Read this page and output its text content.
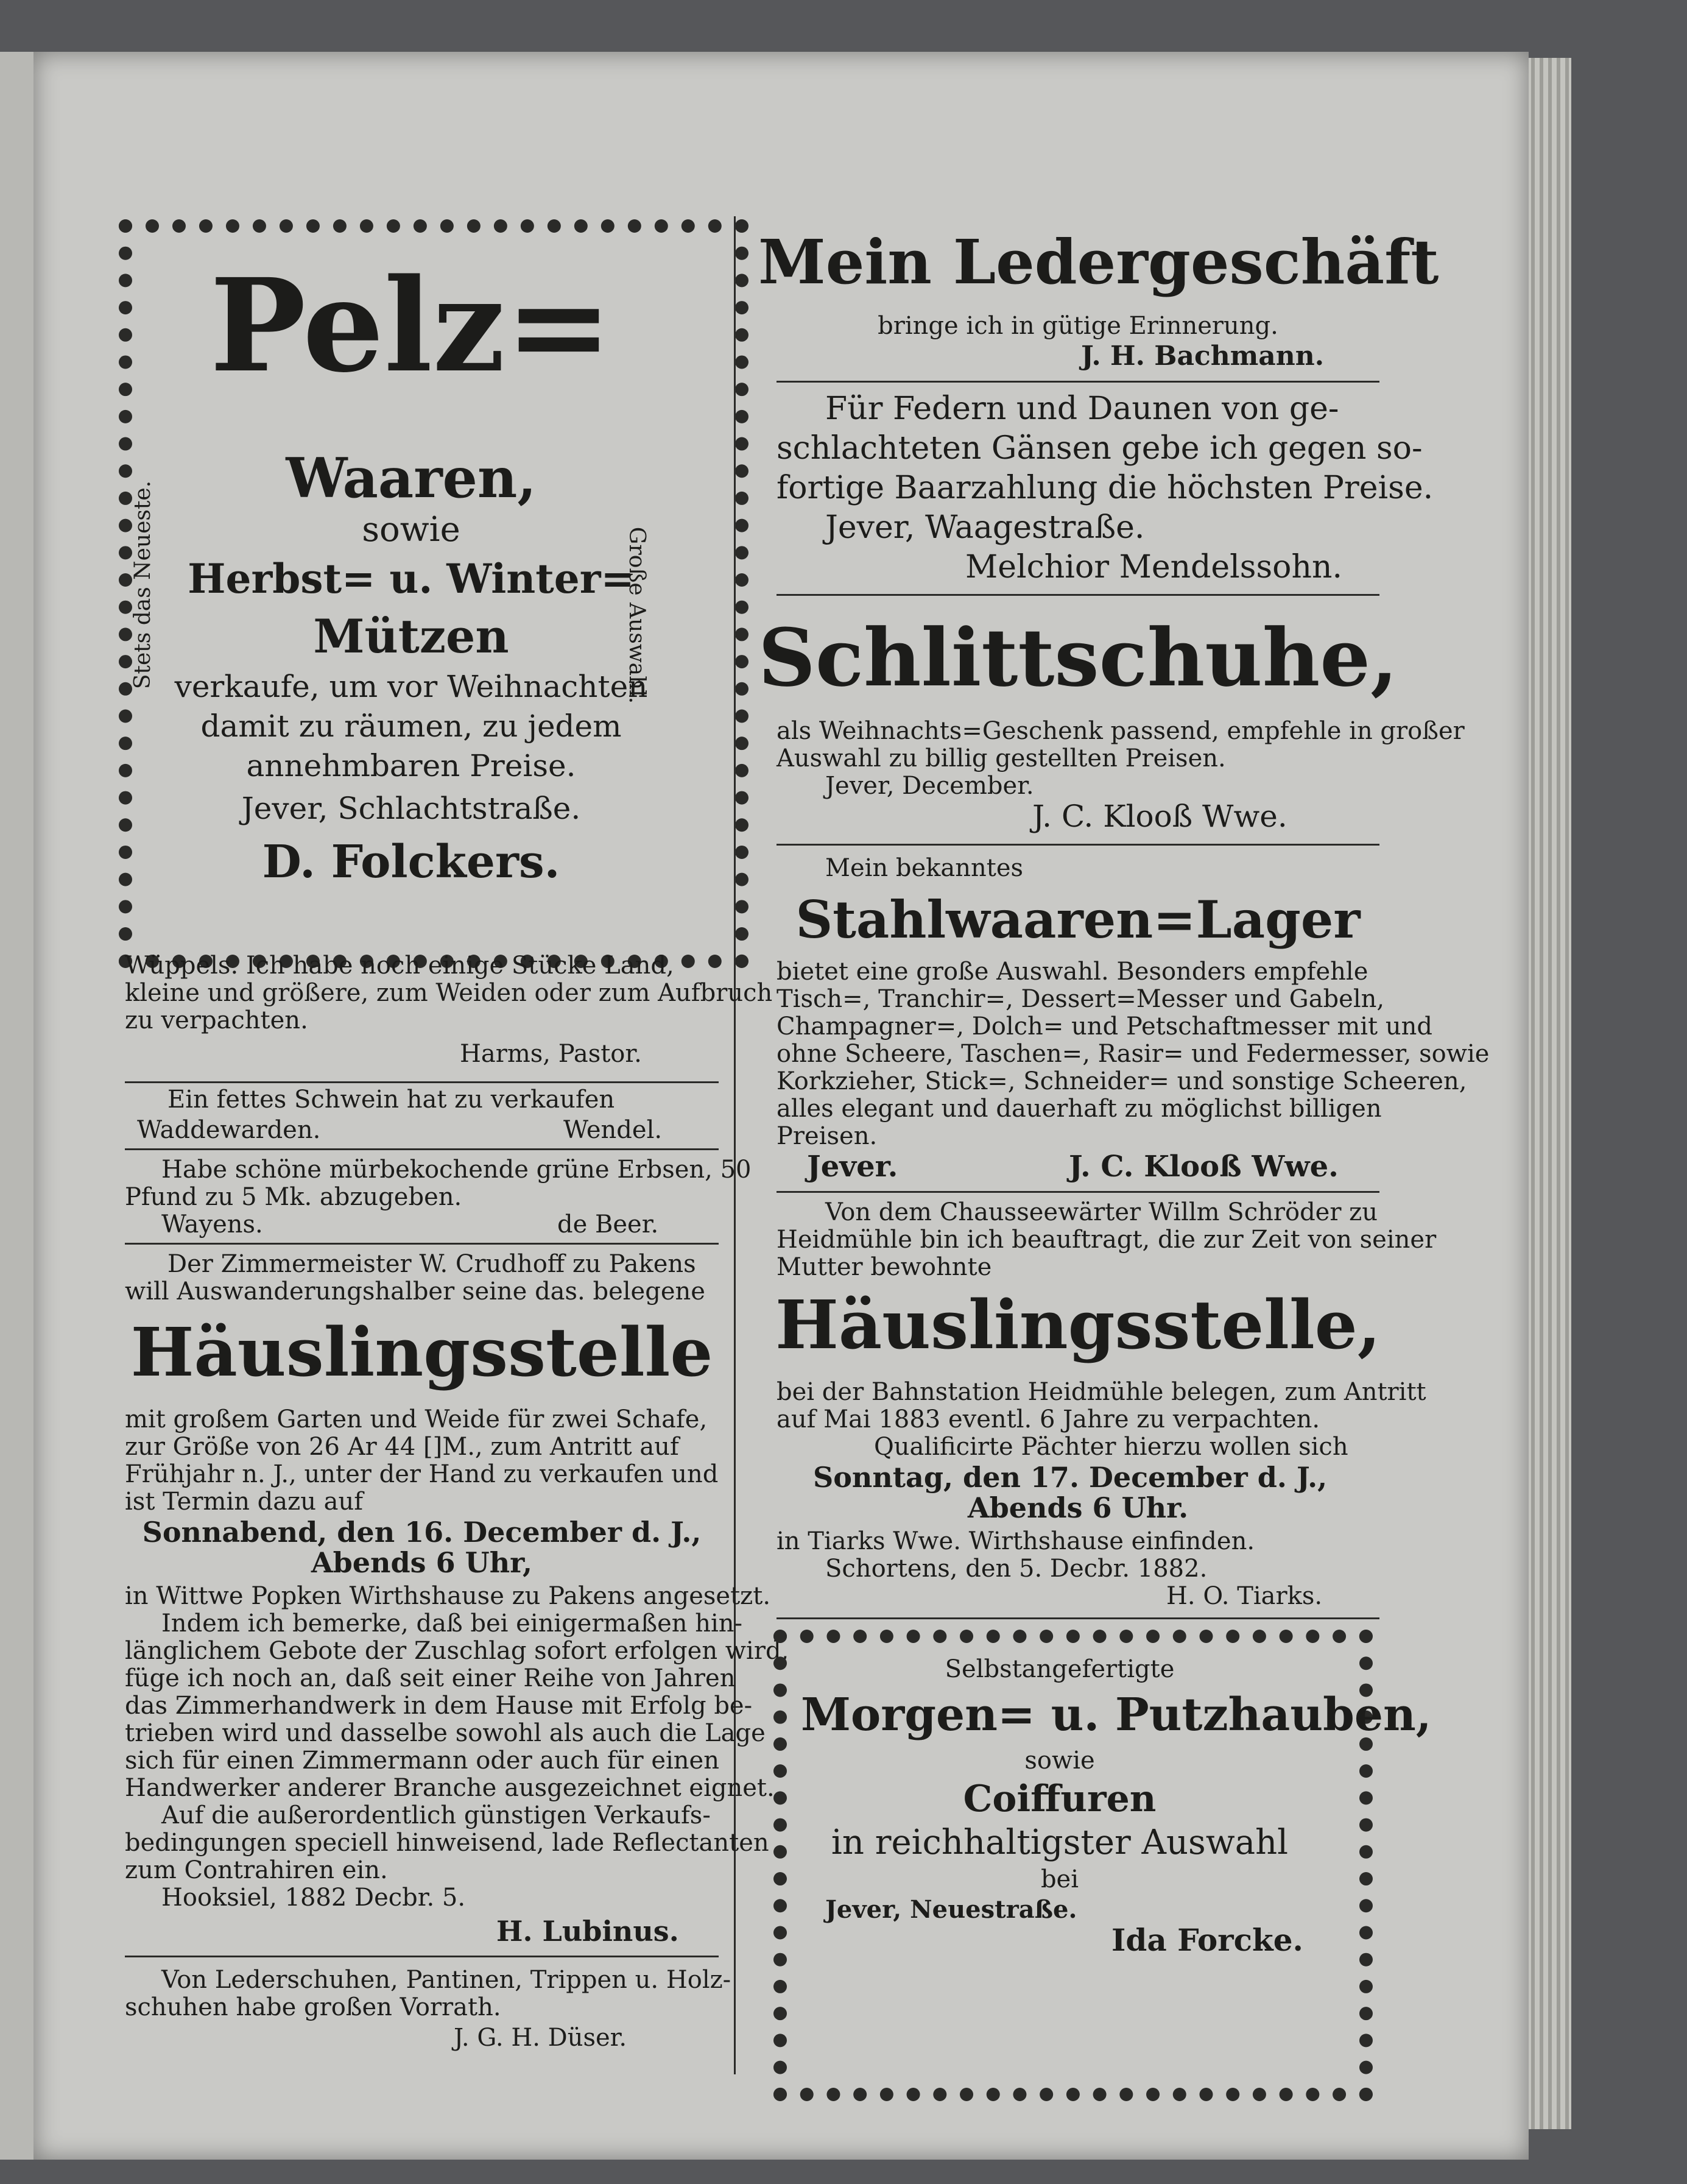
Pelz=
Waaren,
sowie
Herbst= u. Winter=
Mützen
verkaufe, um vor Weihnachten
damit zu räumen, zu jedem
annehmbaren Preise.
Jever, Schlachtstraße.
D. Folckers.
Stets das Neueste.	Große Auswahl.
Wüppels. Ich habe noch einige Stücke Land,
kleine und größere, zum Weiden oder zum Aufbruch
zu verpachten.
Harms, Pastor.
Ein fettes Schwein hat zu verkaufen
Waddewarden.	Wendel.
Habe schöne mürbekochende grüne Erbsen, 50
Pfund zu 5 Mk. abzugeben.
Wayens.	de Beer.
Der Zimmermeister W. Crudhoff zu Pakens
will Auswanderungshalber seine das. belegene
Häuslingsstelle
mit großem Garten und Weide für zwei Schafe,
zur Größe von 26 Ar 44 []M., zum Antritt auf
Frühjahr n. J., unter der Hand zu verkaufen und
ist Termin dazu auf
Sonnabend, den 16. December d. J.,
Abends 6 Uhr,
in Wittwe Popken Wirthshause zu Pakens angesetzt.
Indem ich bemerke, daß bei einigermaßen hin-
länglichem Gebote der Zuschlag sofort erfolgen wird,
füge ich noch an, daß seit einer Reihe von Jahren
das Zimmerhandwerk in dem Hause mit Erfolg be-
trieben wird und dasselbe sowohl als auch die Lage
sich für einen Zimmermann oder auch für einen
Handwerker anderer Branche ausgezeichnet eignet.
Auf die außerordentlich günstigen Verkaufs-
bedingungen speciell hinweisend, lade Reflectanten
zum Contrahiren ein.
Hooksiel, 1882 Decbr. 5.
H. Lubinus.
Von Lederschuhen, Pantinen, Trippen u. Holz-
schuhen habe großen Vorrath.
J. G. H. Düser.
Mein Ledergeschäft
bringe ich in gütige Erinnerung.
J. H. Bachmann.
Für Federn und Daunen von ge-
schlachteten Gänsen gebe ich gegen so-
fortige Baarzahlung die höchsten Preise.
Jever, Waagestraße.
Melchior Mendelssohn.
Schlittschuhe,
als Weihnachts=Geschenk passend, empfehle in großer
Auswahl zu billig gestellten Preisen.
Jever, December.
J. C. Klooß Wwe.
Mein bekanntes
Stahlwaaren=Lager
bietet eine große Auswahl. Besonders empfehle
Tisch=, Tranchir=, Dessert=Messer und Gabeln,
Champagner=, Dolch= und Petschaftmesser mit und
ohne Scheere, Taschen=, Rasir= und Federmesser, sowie
Korkzieher, Stick=, Schneider= und sonstige Scheeren,
alles elegant und dauerhaft zu möglichst billigen
Preisen.
Jever.	J. C. Klooß Wwe.
Von dem Chausseewärter Willm Schröder zu
Heidmühle bin ich beauftragt, die zur Zeit von seiner
Mutter bewohnte
Häuslingsstelle,
bei der Bahnstation Heidmühle belegen, zum Antritt
auf Mai 1883 eventl. 6 Jahre zu verpachten.
Qualificirte Pächter hierzu wollen sich
Sonntag, den 17. December d. J.,
Abends 6 Uhr.
in Tiarks Wwe. Wirthshause einfinden.
Schortens, den 5. Decbr. 1882.
H. O. Tiarks.
Selbstangefertigte
Morgen= u. Putzhauben,
sowie
Coiffuren
in reichhaltigster Auswahl
bei
Jever, Neuestraße.
Ida Forcke.
